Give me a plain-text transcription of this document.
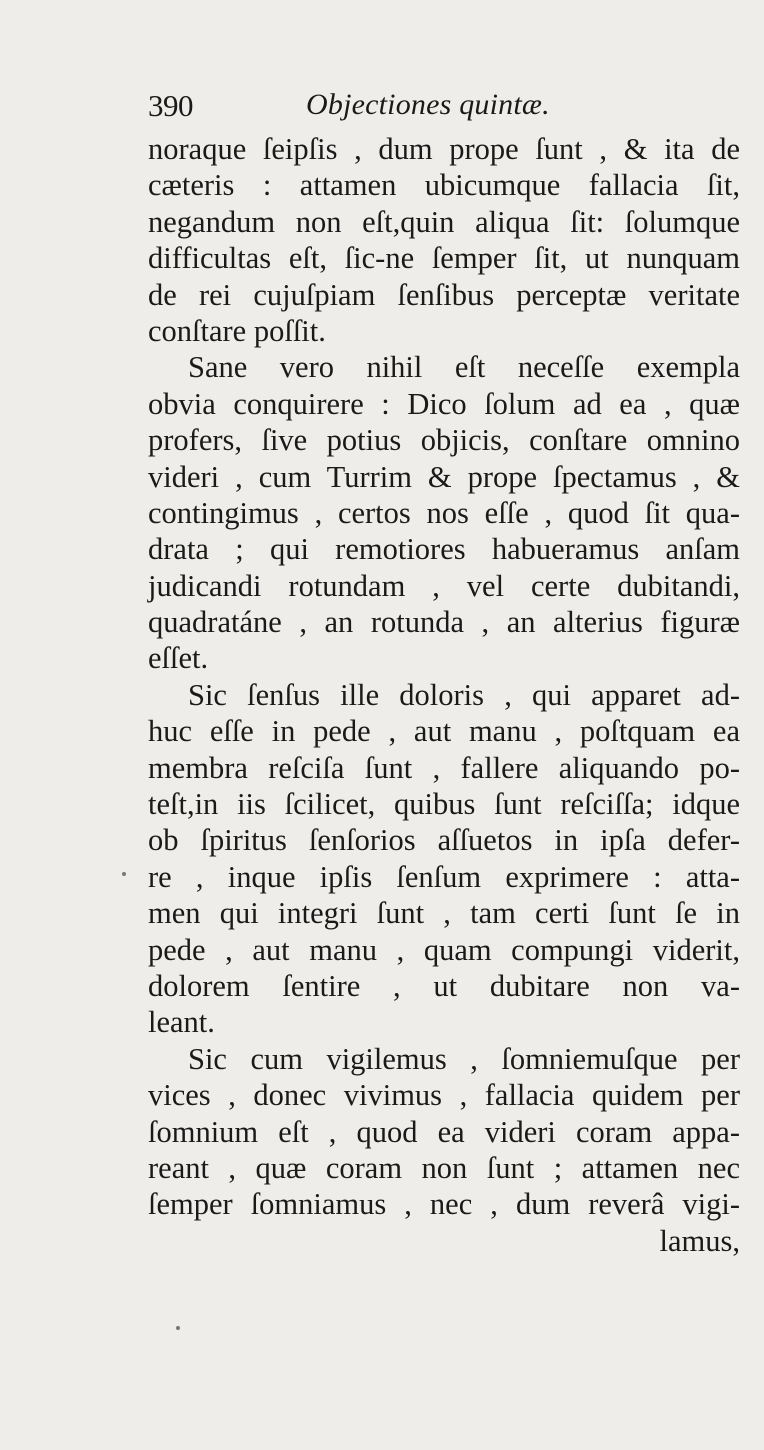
390	Objectiones quintæ.
noraque ſeipſis , dum prope ſunt , & ita de
cæteris : attamen ubicumque fallacia ſit,
negandum non eſt,quin aliqua ſit: ſolumque
difficultas eſt, ſic-ne ſemper ſit, ut nunquam
de rei cujuſpiam ſenſibus perceptæ veritate
conſtare poſſit.
Sane vero nihil eſt neceſſe exempla
obvia conquirere : Dico ſolum ad ea , quæ
profers, ſive potius objicis, conſtare omnino
videri , cum Turrim & prope ſpectamus , &
contingimus , certos nos eſſe , quod ſit qua-
drata ; qui remotiores habueramus anſam
judicandi rotundam , vel certe dubitandi,
quadratáne , an rotunda , an alterius figuræ
eſſet.
Sic ſenſus ille doloris , qui apparet ad-
huc eſſe in pede , aut manu , poſtquam ea
membra reſciſa ſunt , fallere aliquando po-
teſt,in iis ſcilicet, quibus ſunt reſciſſa; idque
ob ſpiritus ſenſorios aſſuetos in ipſa defer-
re , inque ipſis ſenſum exprimere : atta-
men qui integri ſunt , tam certi ſunt ſe in
pede , aut manu , quam compungi viderit,
dolorem ſentire , ut dubitare non va-
leant.
Sic cum vigilemus , ſomniemuſque per
vices , donec vivimus , fallacia quidem per
ſomnium eſt , quod ea videri coram appa-
reant , quæ coram non ſunt ; attamen nec
ſemper ſomniamus , nec , dum reverâ vigi-
lamus,
